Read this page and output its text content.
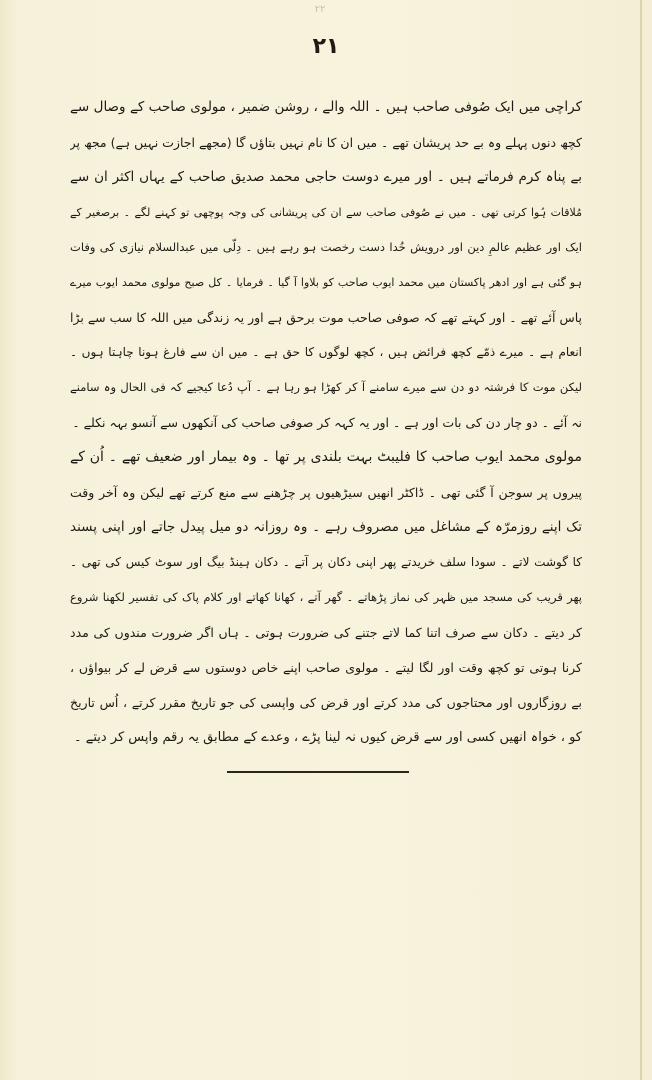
۲۲
۲۱
کراچی میں ایک صُوفی صاحب ہیں ۔ اللہ والے ، روشن ضمیر ، مولوی صاحب کے وصال سے
کچھ دنوں پہلے وہ بے حد پریشان تھے ۔ میں ان کا نام نہیں بتاؤں گا (مجھے اجازت نہیں ہے) مجھ پر
بے پناہ کرم فرماتے ہیں ۔ اور میرے دوست حاجی محمد صدیق صاحب کے یہاں اکثر ان سے
مُلاقات ہُوا کرتی تھی ۔ میں نے صُوفی صاحب سے ان کی پریشانی کی وجہ پوچھی تو کہنے لگے ۔ برصغیر کے
ایک اور عظیم عالمِ دین اور درویش خُدا دست رخصت ہو رہے ہیں ۔ دِلّی میں عبدالسلام نیازی کی وفات
ہو گئی ہے اور ادھر پاکستان میں محمد ایوب صاحب کو بلاوا آ گیا ۔ فرمایا ۔ کل صبح مولوی محمد ایوب میرے
پاس آئے تھے ۔ اور کہتے تھے کہ صوفی صاحب موت برحق ہے اور یہ زندگی میں اللہ کا سب سے بڑا
انعام ہے ۔ میرے ذمّے کچھ فرائض ہیں ، کچھ لوگوں کا حق ہے ۔ میں ان سے فارغ ہونا چاہتا ہوں ۔
لیکن موت کا فرشتہ دو دن سے میرے سامنے آ کر کھڑا ہو رہا ہے ۔ آپ دُعا کیجیے کہ فی الحال وہ سامنے
نہ آئے ۔ دو چار دن کی بات اور ہے ۔ اور یہ کہہ کر صوفی صاحب کی آنکھوں سے آنسو بہہ نکلے ۔
مولوی محمد ایوب صاحب کا فلیبٹ بہت بلندی پر تھا ۔ وہ بیمار اور ضعیف تھے ۔ اُن کے
پیروں پر سوجن آ گئی تھی ۔ ڈاکٹر انھیں سیڑھیوں پر چڑھنے سے منع کرتے تھے لیکن وہ آخر وقت
تک اپنے روزمرّہ کے مشاغل میں مصروف رہے ۔ وہ روزانہ دو میل پیدل جاتے اور اپنی پسند
کا گوشت لاتے ۔ سودا سلف خریدتے پھر اپنی دکان پر آتے ۔ دکان ہینڈ بیگ اور سوٹ کیس کی تھی ۔
پھر قریب کی مسجد میں ظہر کی نماز پڑھاتے ۔ گھر آتے ، کھانا کھاتے اور کلام پاک کی تفسیر لکھنا شروع
کر دیتے ۔ دکان سے صرف اتنا کما لاتے جتنے کی ضرورت ہوتی ۔ ہاں اگر ضرورت مندوں کی مدد
کرنا ہوتی تو کچھ وقت اور لگا لیتے ۔ مولوی صاحب اپنے خاص دوستوں سے قرض لے کر بیواؤں ،
بے روزگاروں اور محتاجوں کی مدد کرتے اور قرض کی واپسی کی جو تاریخ مقرر کرتے ، اُس تاریخ
کو ، خواہ انھیں کسی اور سے قرض کیوں نہ لینا پڑے ، وعدے کے مطابق یہ رقم واپس کر دیتے ۔
